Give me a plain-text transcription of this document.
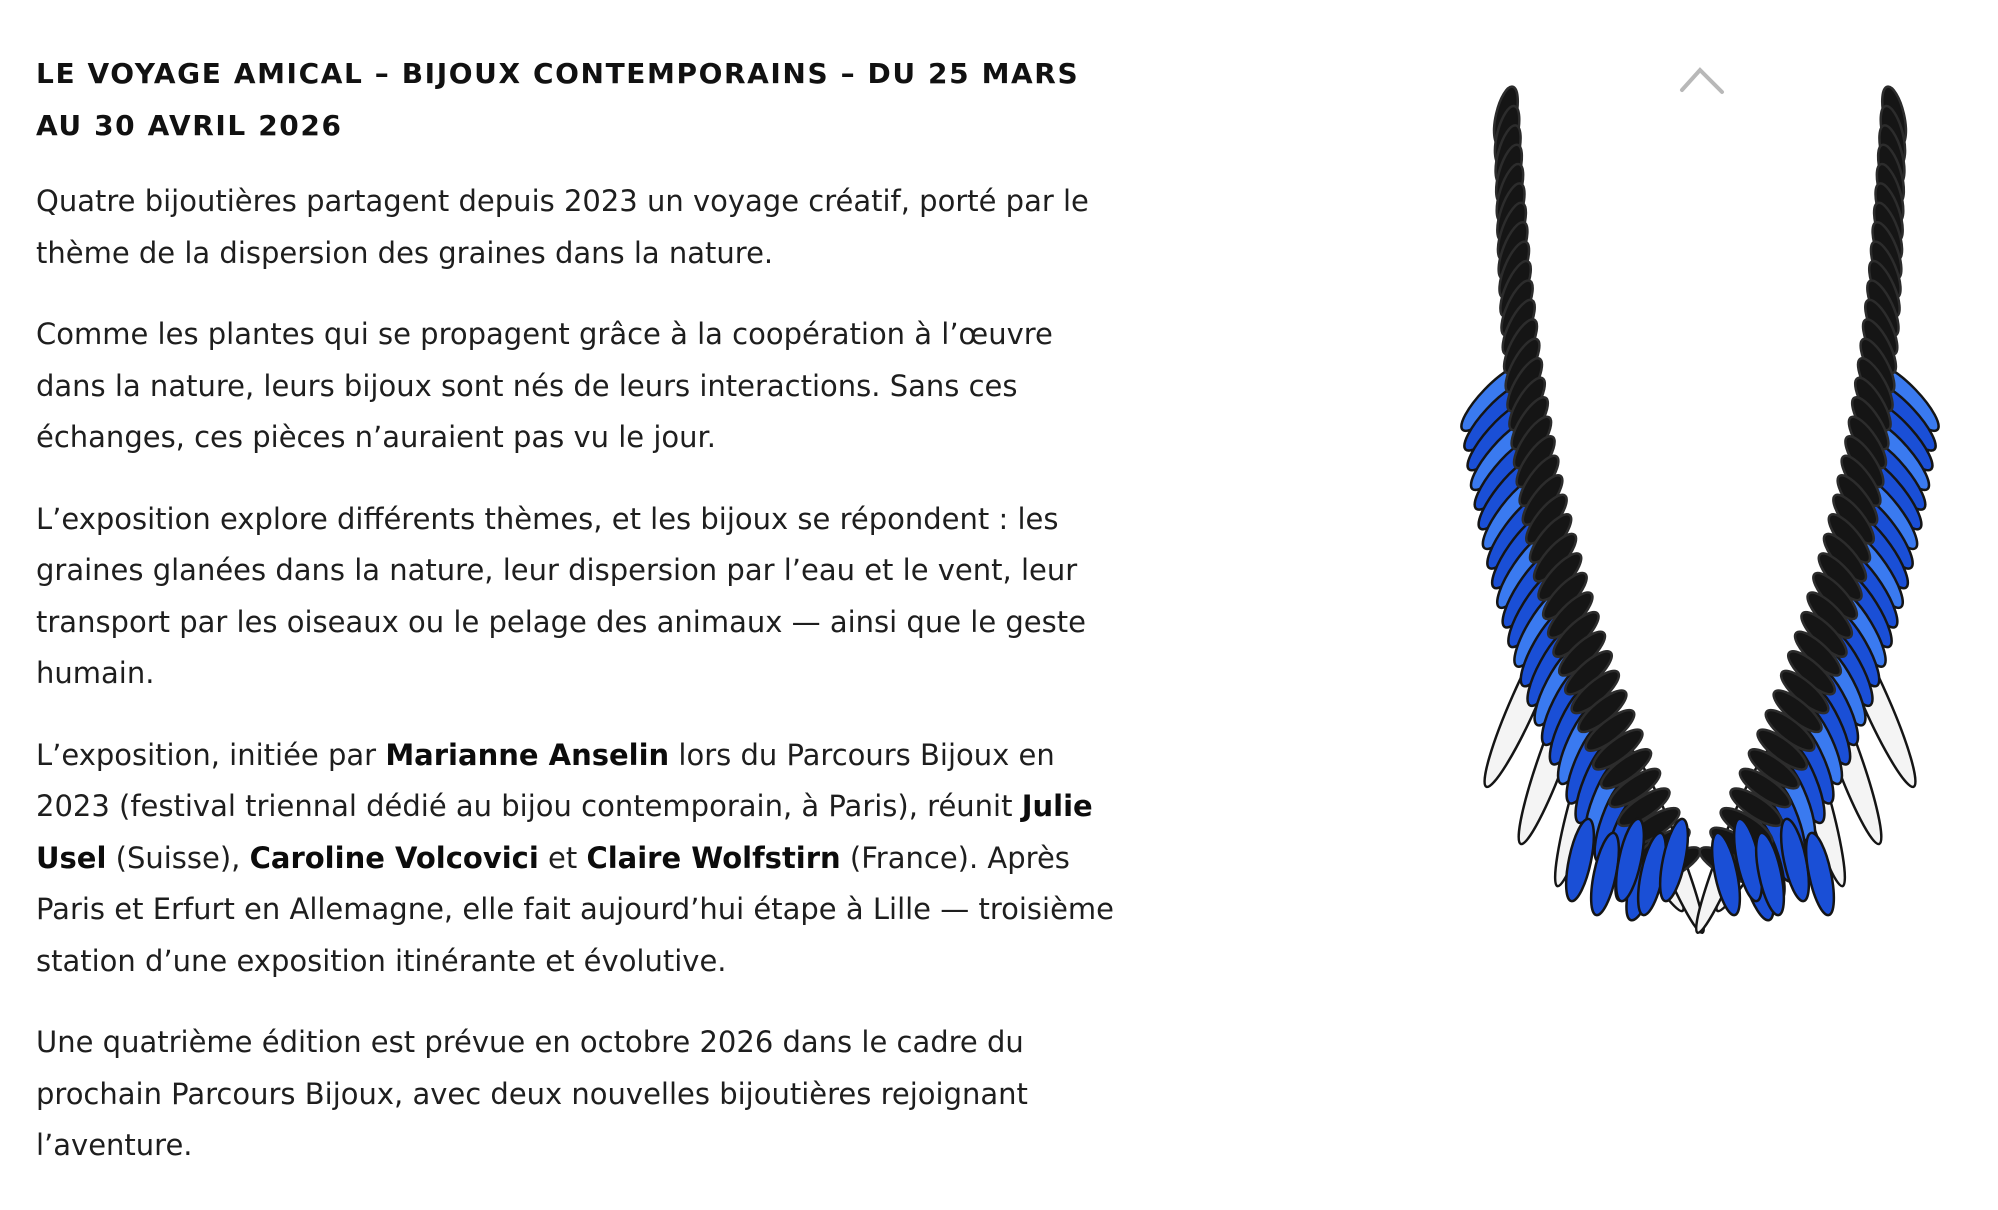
LE VOYAGE AMICAL – BIJOUX CONTEMPORAINS – DU 25 MARS AU 30 AVRIL 2026

Quatre bijoutières partagent depuis 2023 un voyage créatif, porté par le thème de la dispersion des graines dans la nature.

Comme les plantes qui se propagent grâce à la coopération à l’œuvre dans la nature, leurs bijoux sont nés de leurs interactions. Sans ces échanges, ces pièces n’auraient pas vu le jour.

L’exposition explore différents thèmes, et les bijoux se répondent : les graines glanées dans la nature, leur dispersion par l’eau et le vent, leur transport par les oiseaux ou le pelage des animaux — ainsi que le geste humain.

L’exposition, initiée par Marianne Anselin lors du Parcours Bijoux en 2023 (festival triennal dédié au bijou contemporain, à Paris), réunit Julie Usel (Suisse), Caroline Volcovici et Claire Wolfstirn (France). Après Paris et Erfurt en Allemagne, elle fait aujourd’hui étape à Lille — troisième station d’une exposition itinérante et évolutive.

Une quatrième édition est prévue en octobre 2026 dans le cadre du prochain Parcours Bijoux, avec deux nouvelles bijoutières rejoignant l’aventure.
